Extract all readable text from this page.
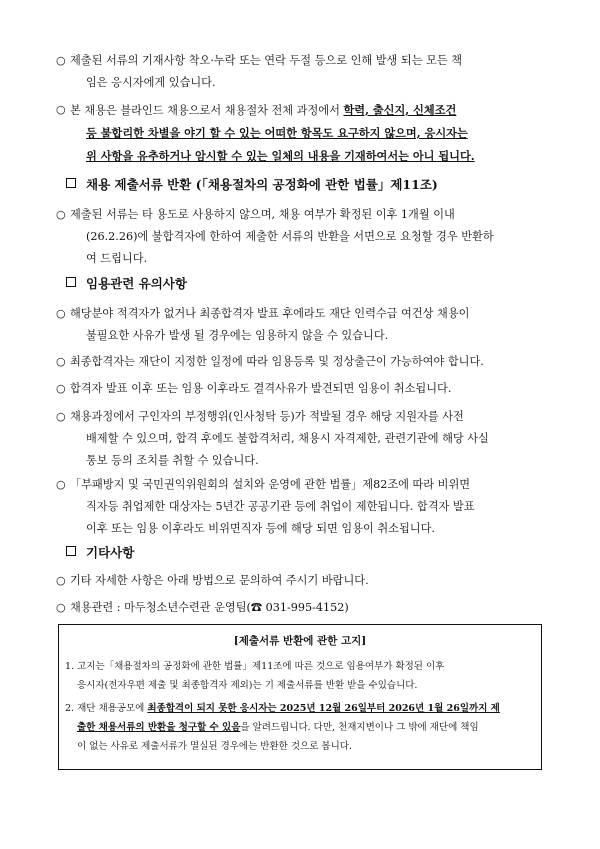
○ 제출된 서류의 기재사항 착오·누락 또는 연락 두절 등으로 인해 발생 되는 모든 책

임은 응시자에게 있습니다.

○ 본 채용은 블라인드 채용으로서 채용절차 전체 과정에서 학력, 출신지, 신체조건

등 불합리한 차별을 야기 할 수 있는 어떠한 항목도 요구하지 않으며, 응시자는

위 사항을 유추하거나 암시할 수 있는 일체의 내용을 기재하여서는 아니 됩니다.

채용 제출서류 반환 (「채용절차의 공정화에 관한 법률」제11조)
○ 제출된 서류는 타 용도로 사용하지 않으며, 채용 여부가 확정된 이후 1개월 이내

(26.2.26)에 불합격자에 한하여 제출한 서류의 반환을 서면으로 요청할 경우 반환하

여 드립니다.

임용관련 유의사항
○ 해당분야 적격자가 없거나 최종합격자 발표 후에라도 재단 인력수급 여건상 채용이

불필요한 사유가 발생 될 경우에는 임용하지 않을 수 있습니다.

○ 최종합격자는 재단이 지정한 일정에 따라 임용등록 및 정상출근이 가능하여야 합니다.

○ 합격자 발표 이후 또는 임용 이후라도 결격사유가 발견되면 임용이 취소됩니다.

○ 채용과정에서 구인자의 부정행위(인사청탁 등)가 적발될 경우 해당 지원자를 사전

배제할 수 있으며, 합격 후에도 불합격처리, 채용시 자격제한, 관련기관에 해당 사실

통보 등의 조치를 취할 수 있습니다.

○ 「부패방지 및 국민권익위원회의 설치와 운영에 관한 법률」제82조에 따라 비위면

직자등 취업제한 대상자는 5년간 공공기관 등에 취업이 제한됩니다. 합격자 발표

이후 또는 임용 이후라도 비위면직자 등에 해당 되면 임용이 취소됩니다.

기타사항
○ 기타 자세한 사항은 아래 방법으로 문의하여 주시기 바랍니다.

○ 채용관련 : 마두청소년수련관 운영팀(☎ 031-995-4152)

[제출서류 반환에 관한 고지]
1. 고지는「채용절차의 공정화에 관한 법률」제11조에 따른 것으로 임용여부가 확정된 이후
응시자(전자우편 제출 및 최종합격자 제외)는 기 제출서류를 반환 받을 수있습니다.
2. 재단 채용공모에 최종합격이 되지 못한 응시자는 2025년 12월 26일부터 2026년 1월 26일까지 제
출한 채용서류의 반환을 청구할 수 있음을 알려드립니다. 다만, 천재지변이나 그 밖에 재단에 책임
이 없는 사유로 제출서류가 멸실된 경우에는 반환한 것으로 봅니다.
